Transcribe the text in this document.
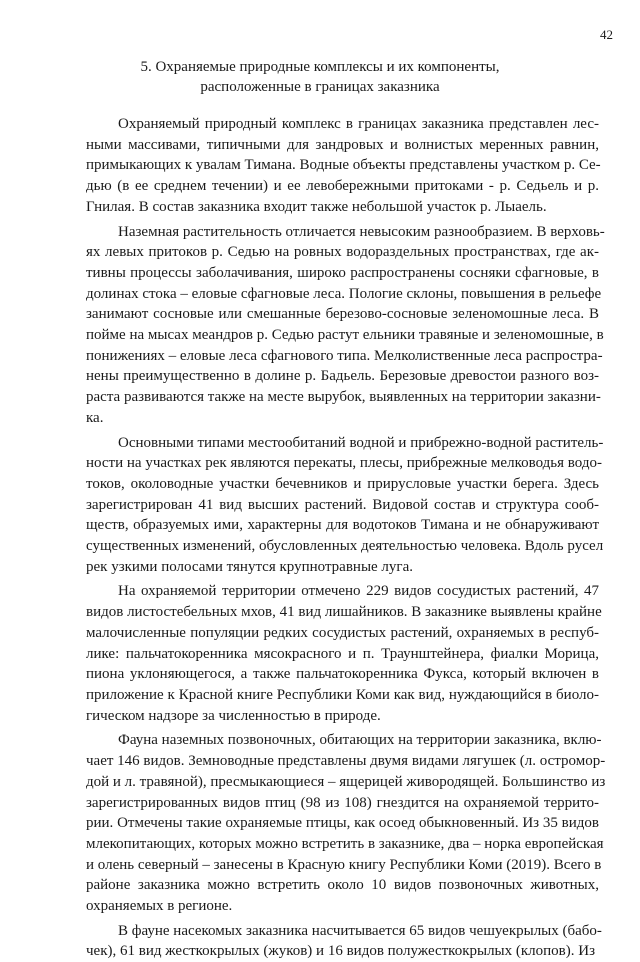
42
5. Охраняемые природные комплексы и их компоненты,
расположенные в границах заказника
Охраняемый природный комплекс в границах заказника представлен лес-
ными массивами, типичными для зандровых и волнистых меренных равнин,
примыкающих к увалам Тимана. Водные объекты представлены участком р. Се-
дью (в ее среднем течении) и ее левобережными притоками - р. Седьель и р.
Гнилая. В состав заказника входит также небольшой участок р. Лыаель.
Наземная растительность отличается невысоким разнообразием. В верховь-
ях левых притоков р. Седью на ровных водораздельных пространствах, где ак-
тивны процессы заболачивания, широко распространены сосняки сфагновые, в
долинах стока – еловые сфагновые леса. Пологие склоны, повышения в рельефе
занимают сосновые или смешанные березово-сосновые зеленомошные леса. В
пойме на мысах меандров р. Седью растут ельники травяные и зеленомошные, в
понижениях – еловые леса сфагнового типа. Мелколиственные леса распростра-
нены преимущественно в долине р. Бадьель. Березовые древостои разного воз-
раста развиваются также на месте вырубок, выявленных на территории заказни-
ка.
Основными типами местообитаний водной и прибрежно-водной раститель-
ности на участках рек являются перекаты, плесы, прибрежные мелководья водо-
токов, околоводные участки бечевников и прирусловые участки берега. Здесь
зарегистрирован 41 вид высших растений. Видовой состав и структура сооб-
ществ, образуемых ими, характерны для водотоков Тимана и не обнаруживают
существенных изменений, обусловленных деятельностью человека. Вдоль русел
рек узкими полосами тянутся крупнотравные луга.
На охраняемой территории отмечено 229 видов сосудистых растений, 47
видов листостебельных мхов, 41 вид лишайников. В заказнике выявлены крайне
малочисленные популяции редких сосудистых растений, охраняемых в респуб-
лике: пальчатокоренника мясокрасного и п. Траунштейнера, фиалки Морица,
пиона уклоняющегося, а также пальчатокоренника Фукса, который включен в
приложение к Красной книге Республики Коми как вид, нуждающийся в биоло-
гическом надзоре за численностью в природе.
Фауна наземных позвоночных, обитающих на территории заказника, вклю-
чает 146 видов. Земноводные представлены двумя видами лягушек (л. остромор-
дой и л. травяной), пресмыкающиеся – ящерицей живородящей. Большинство из
зарегистрированных видов птиц (98 из 108) гнездится на охраняемой террито-
рии. Отмечены такие охраняемые птицы, как осоед обыкновенный. Из 35 видов
млекопитающих, которых можно встретить в заказнике, два – норка европейская
и олень северный – занесены в Красную книгу Республики Коми (2019). Всего в
районе заказника можно встретить около 10 видов позвоночных животных,
охраняемых в регионе.
В фауне насекомых заказника насчитывается 65 видов чешуекрылых (бабо-
чек), 61 вид жесткокрылых (жуков) и 16 видов полужесткокрылых (клопов). Из
